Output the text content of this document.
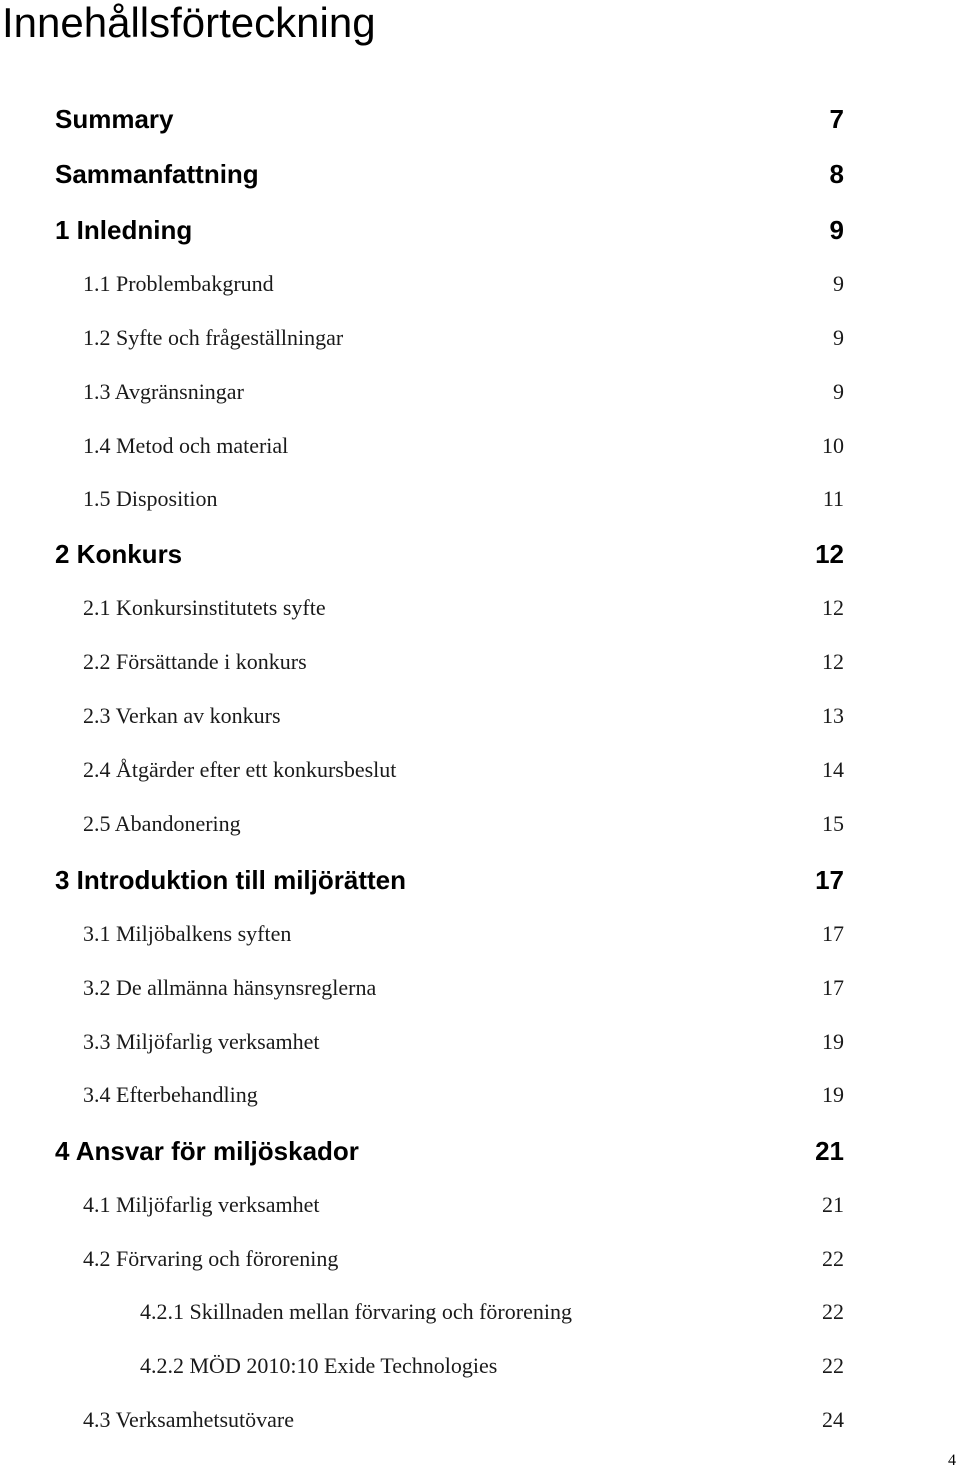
Innehållsförteckning
Summary	7
Sammanfattning	8
1 Inledning	9
1.1 Problembakgrund	9
1.2 Syfte och frågeställningar	9
1.3 Avgränsningar	9
1.4 Metod och material	10
1.5 Disposition	11
2 Konkurs	12
2.1 Konkursinstitutets syfte	12
2.2 Försättande i konkurs	12
2.3 Verkan av konkurs	13
2.4 Åtgärder efter ett konkursbeslut	14
2.5 Abandonering	15
3 Introduktion till miljörätten	17
3.1 Miljöbalkens syften	17
3.2 De allmänna hänsynsreglerna	17
3.3 Miljöfarlig verksamhet	19
3.4 Efterbehandling	19
4 Ansvar för miljöskador	21
4.1 Miljöfarlig verksamhet	21
4.2 Förvaring och förorening	22
4.2.1 Skillnaden mellan förvaring och förorening	22
4.2.2 MÖD 2010:10 Exide Technologies	22
4.3 Verksamhetsutövare	24
4
